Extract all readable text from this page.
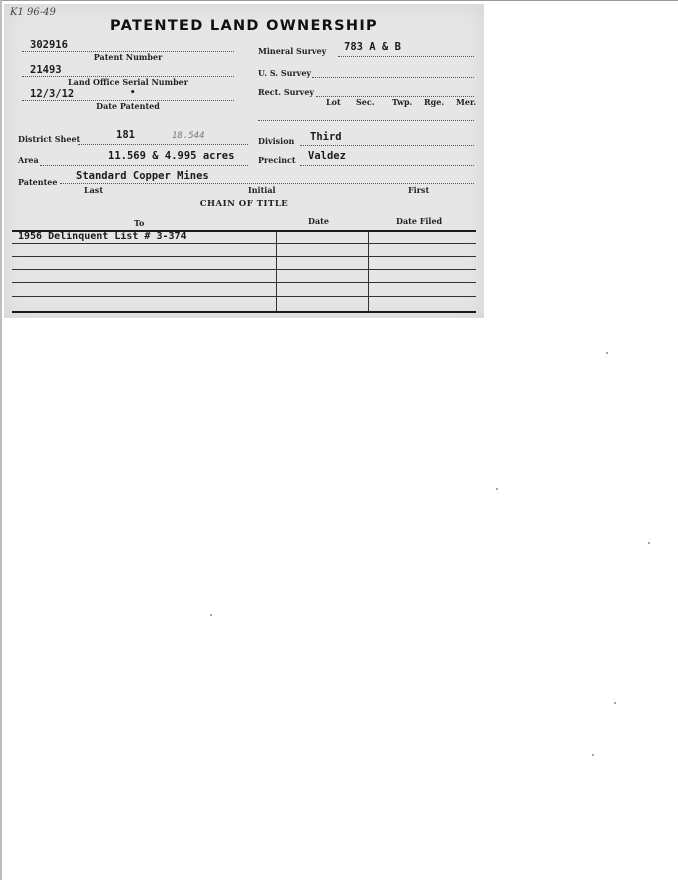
K1 96-49
PATENTED LAND OWNERSHIP
302916
Patent Number
21493
Land Office Serial Number
12/3/12	•
Date Patented
District Sheet	181	18.544
Area	11.569 & 4.995 acres
Patentee Standard Copper Mines
Last	Initial	First
Mineral Survey 783 A & B
U. S. Survey
Rect. Survey
Lot Sec. Twp. Rge. Mer.
Division Third
Precinct Valdez
CHAIN OF TITLE
To	Date	Date Filed
1956 Delinquent List # 3-374
